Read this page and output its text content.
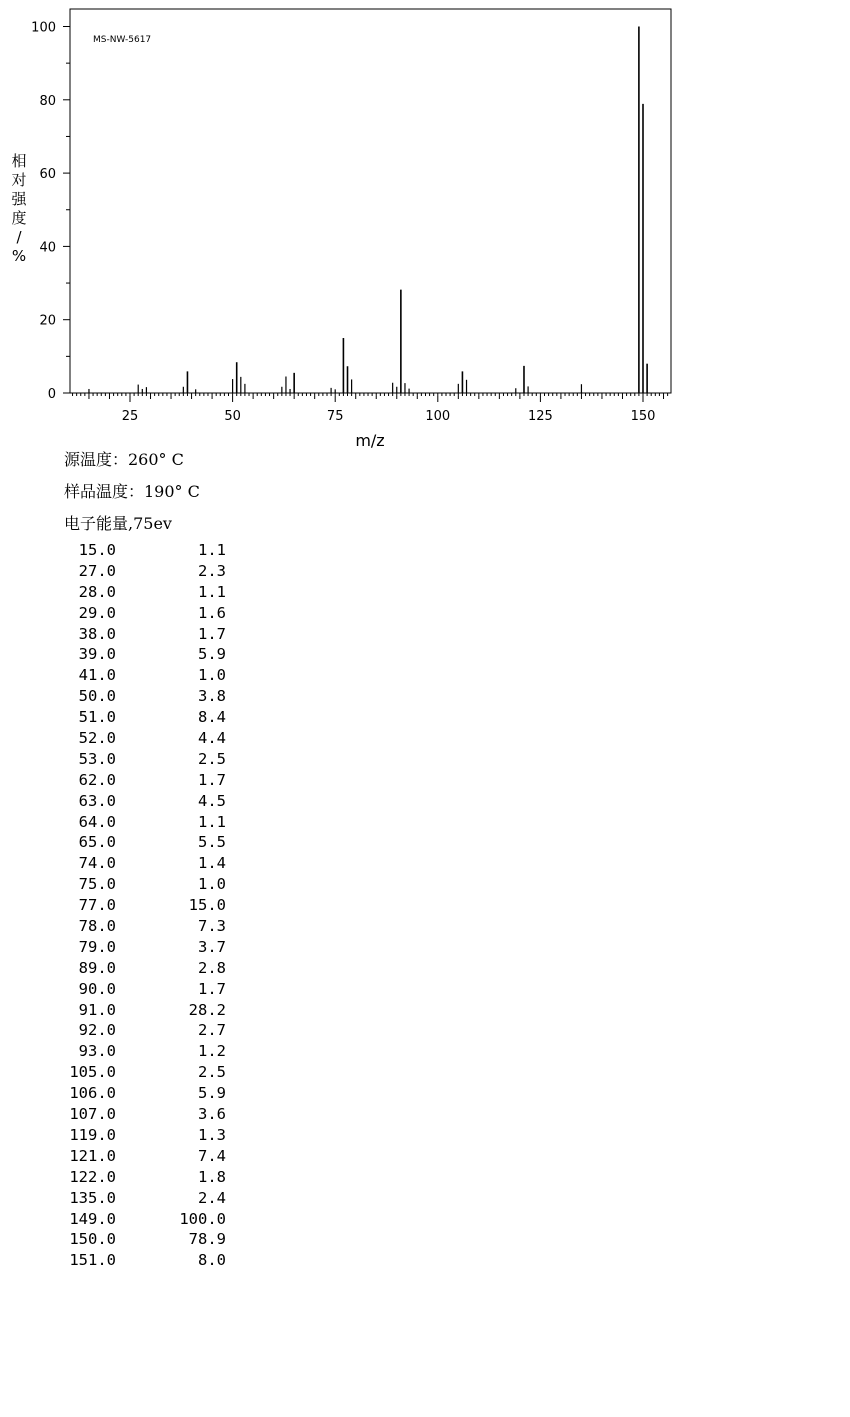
0
20
40
60
80
100
25	50	75	100	125	150
MS-NW-5617
m/z
相对强度/ %
源温度：260° C
样品温度：190° C
电子能量,75ev
15.0	1.1
27.0	2.3
28.0	1.1
29.0	1.6
38.0	1.7
39.0	5.9
41.0	1.0
50.0	3.8
51.0	8.4
52.0	4.4
53.0	2.5
62.0	1.7
63.0	4.5
64.0	1.1
65.0	5.5
74.0	1.4
75.0	1.0
77.0	15.0
78.0	7.3
79.0	3.7
89.0	2.8
90.0	1.7
91.0	28.2
92.0	2.7
93.0	1.2
105.0	2.5
106.0	5.9
107.0	3.6
119.0	1.3
121.0	7.4
122.0	1.8
135.0	2.4
149.0	100.0
150.0	78.9
151.0	8.0
